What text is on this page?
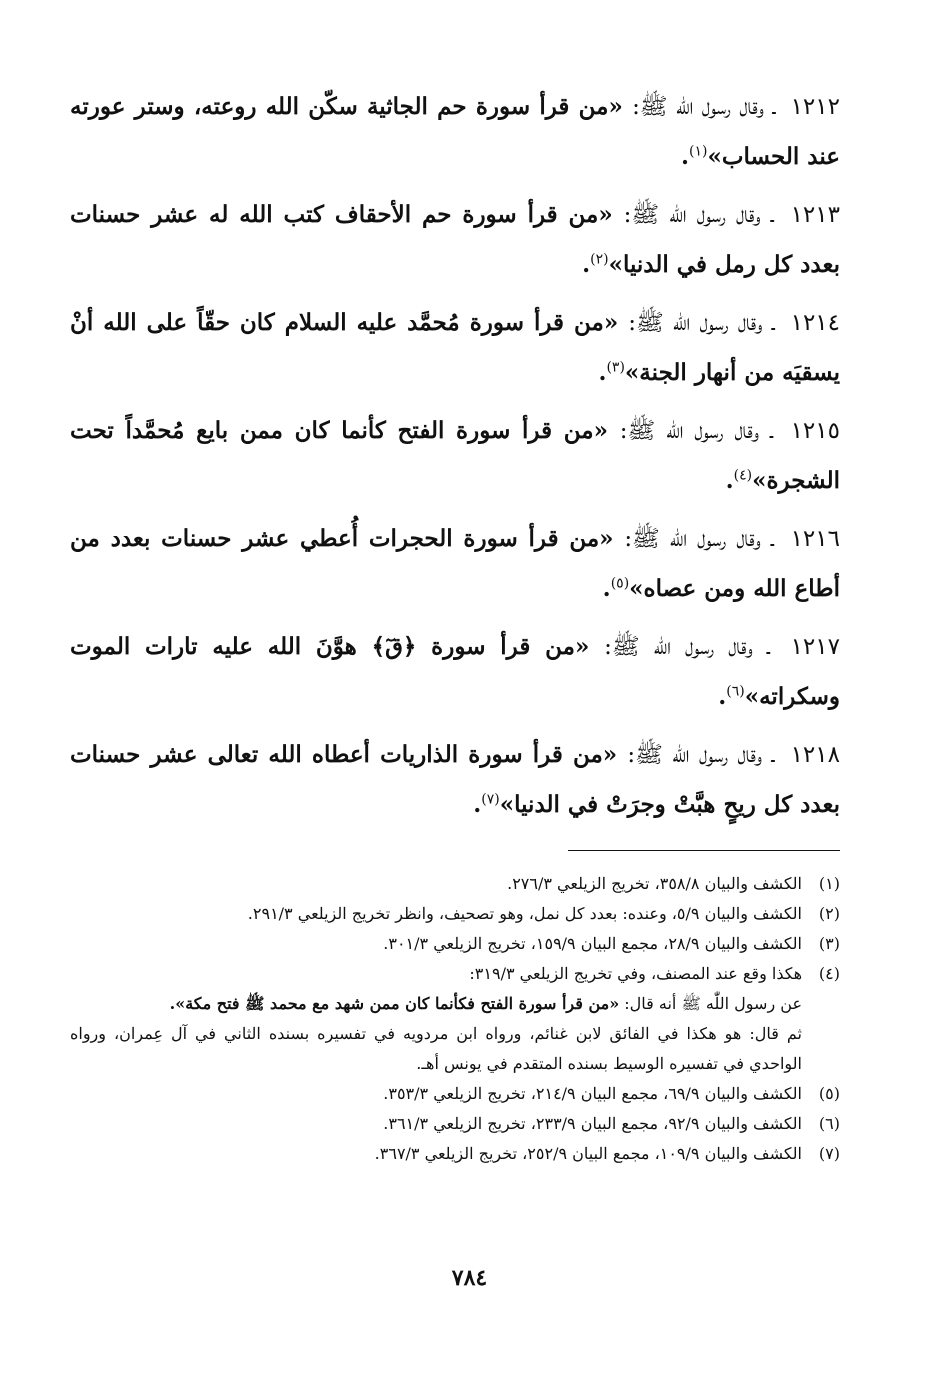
١٢١٢ ـ وقال رسول اللّٰه ﷺ: «من قرأ سورة حم الجاثية سكّن الله روعته، وستر عورته عند الحساب»$^{(١)}$.

١٢١٣ ـ وقال رسول اللّٰه ﷺ: «من قرأ سورة حم الأحقاف كتب الله له عشر حسنات بعدد كل رمل في الدنيا»$^{(٢)}$.

١٢١٤ ـ وقال رسول اللّٰه ﷺ: «من قرأ سورة مُحمَّد عليه السلام كان حقّاً على الله أنْ يسقيَه من أنهار الجنة»$^{(٣)}$.

١٢١٥ ـ وقال رسول اللّٰه ﷺ: «من قرأ سورة الفتح كأنما كان ممن بايع مُحمَّداً تحت الشجرة»$^{(٤)}$.

١٢١٦ ـ وقال رسول اللّٰه ﷺ: «من قرأ سورة الحجرات أُعطي عشر حسنات بعدد من أطاع الله ومن عصاه»$^{(٥)}$.

١٢١٧ ـ وقال رسول اللّٰه ﷺ: «من قرأ سورة ﴿قٓ﴾ هوَّنَ الله عليه تارات الموت وسكراته»$^{(٦)}$.

١٢١٨ ـ وقال رسول اللّٰه ﷺ: «من قرأ سورة الذاريات أعطاه الله تعالى عشر حسنات بعدد كل ريحٍ هبَّتْ وجرَتْ في الدنيا»$^{(٧)}$.

(١)
الكشف والبيان ٣٥٨/٨، تخريج الزيلعي ٢٧٦/٣.
(٢)
الكشف والبيان ٥/٩، وعنده: بعدد كل نمل، وهو تصحيف، وانظر تخريج الزيلعي ٢٩١/٣.
(٣)
الكشف والبيان ٢٨/٩، مجمع البيان ١٥٩/٩، تخريج الزيلعي ٣٠١/٣.
(٤)
هكذا وقع عند المصنف، وفي تخريج الزيلعي ٣١٩/٣:
عن رسول اللّٰه ﷺ أنه قال: «من قرأ سورة الفتح فكأنما كان ممن شهد مع محمد ﷺ فتح مكة».
ثم قال: هو هكذا في الفائق لابن غنائم، ورواه ابن مردويه في تفسيره بسنده الثاني في آل عِمران، ورواه الواحدي في تفسيره الوسيط بسنده المتقدم في يونس أهـ.
(٥)
الكشف والبيان ٦٩/٩، مجمع البيان ٢١٤/٩، تخريج الزيلعي ٣٥٣/٣.
(٦)
الكشف والبيان ٩٢/٩، مجمع البيان ٢٣٣/٩، تخريج الزيلعي ٣٦١/٣.
(٧)
الكشف والبيان ١٠٩/٩، مجمع البيان ٢٥٢/٩، تخريج الزيلعي ٣٦٧/٣.
٧٨٤
